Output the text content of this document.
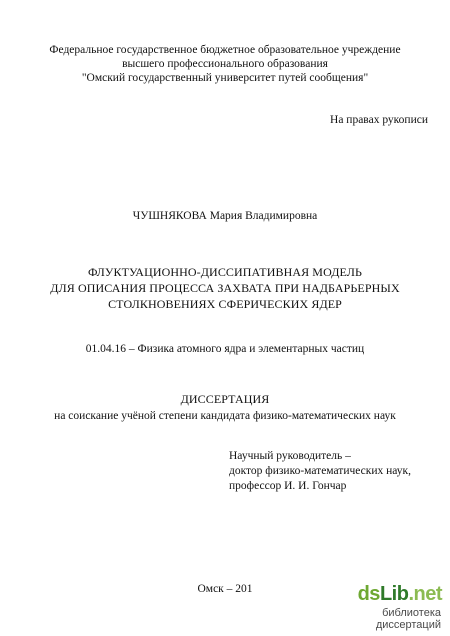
Федеральное государственное бюджетное образовательное учреждение
высшего профессионального образования
"Омский государственный университет путей сообщения"
На правах рукописи
ЧУШНЯКОВА Мария Владимировна
ФЛУКТУАЦИОННО-ДИССИПАТИВНАЯ МОДЕЛЬ
ДЛЯ ОПИСАНИЯ ПРОЦЕССА ЗАХВАТА ПРИ НАДБАРЬЕРНЫХ
СТОЛКНОВЕНИЯХ СФЕРИЧЕСКИХ ЯДЕР
01.04.16 – Физика атомного ядра и элементарных частиц
ДИССЕРТАЦИЯ
на соискание учёной степени кандидата физико-математических наук
Научный руководитель –
доктор физико-математических наук,
профессор И. И. Гончар
Омск – 201	dsLib.net
библиотека диссертаций
